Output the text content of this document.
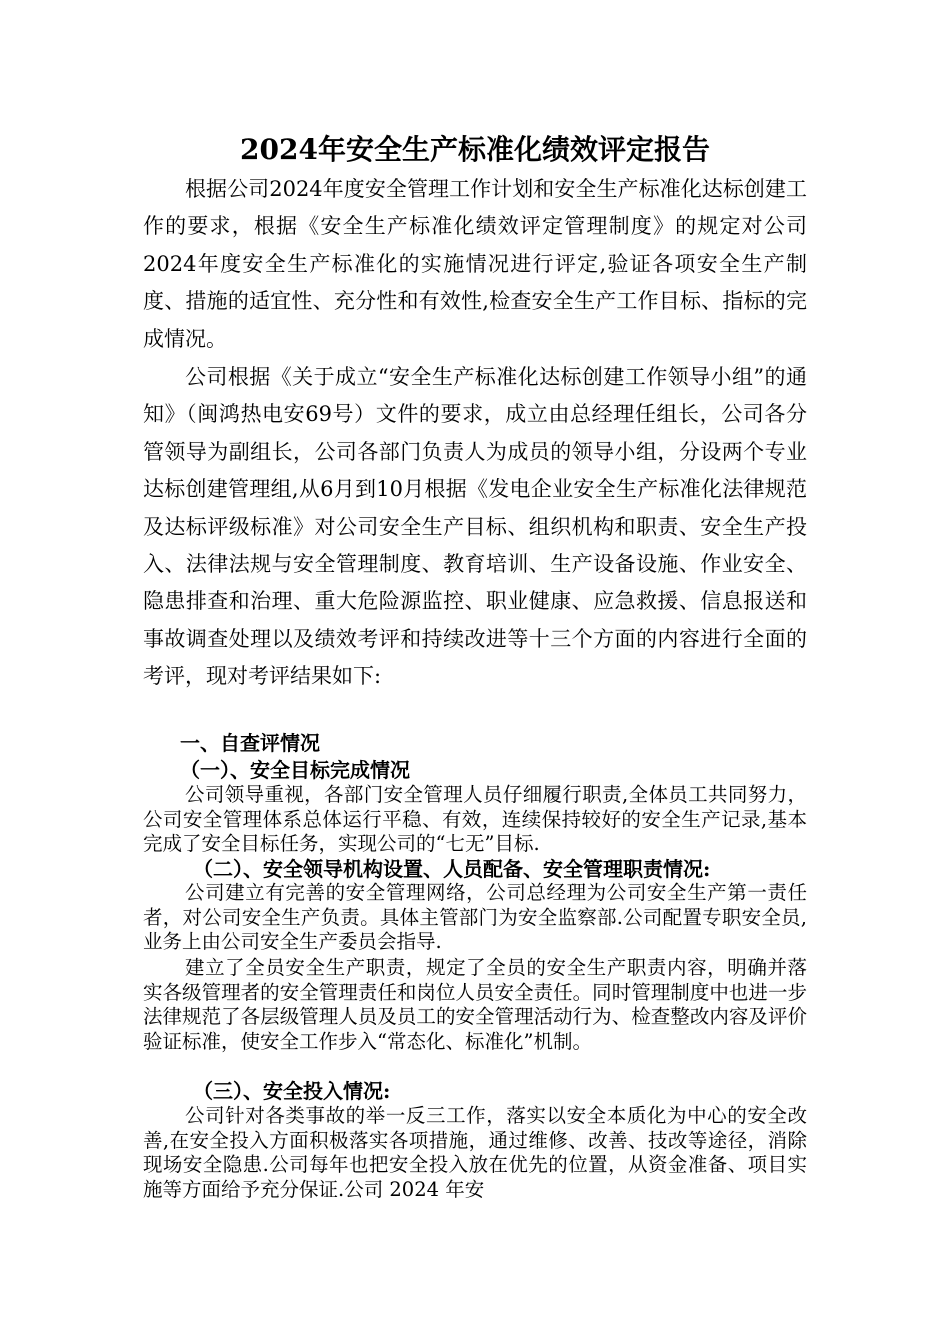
2024年安全生产标准化绩效评定报告

根据公司2024年度安全管理工作计划和安全生产标准化达标创建工作的要求，根据《安全生产标准化绩效评定管理制度》的规定对公司2024年度安全生产标准化的实施情况进行评定,验证各项安全生产制度、措施的适宜性、充分性和有效性,检查安全生产工作目标、指标的完成情况。

公司根据《关于成立“安全生产标准化达标创建工作领导小组”的通知》（闽鸿热电安69号）文件的要求，成立由总经理任组长，公司各分管领导为副组长，公司各部门负责人为成员的领导小组，分设两个专业达标创建管理组,从6月到10月根据《发电企业安全生产标准化法律规范及达标评级标准》对公司安全生产目标、组织机构和职责、安全生产投入、法律法规与安全管理制度、教育培训、生产设备设施、作业安全、隐患排查和治理、重大危险源监控、职业健康、应急救援、信息报送和事故调查处理以及绩效考评和持续改进等十三个方面的内容进行全面的考评，现对考评结果如下:

一、自查评情况
（一）、安全目标完成情况

公司领导重视，各部门安全管理人员仔细履行职责,全体员工共同努力，公司安全管理体系总体运行平稳、有效，连续保持较好的安全生产记录,基本完成了安全目标任务，实现公司的“七无”目标.

（二）、安全领导机构设置、人员配备、安全管理职责情况:

公司建立有完善的安全管理网络，公司总经理为公司安全生产第一责任者，对公司安全生产负责。具体主管部门为安全监察部.公司配置专职安全员,业务上由公司安全生产委员会指导.

建立了全员安全生产职责，规定了全员的安全生产职责内容，明确并落实各级管理者的安全管理责任和岗位人员安全责任。同时管理制度中也进一步法律规范了各层级管理人员及员工的安全管理活动行为、检查整改内容及评价验证标准，使安全工作步入“常态化、标准化”机制。

（三）、安全投入情况:

公司针对各类事故的举一反三工作，落实以安全本质化为中心的安全改善,在安全投入方面积极落实各项措施，通过维修、改善、技改等途径，消除现场安全隐患.公司每年也把安全投入放在优先的位置，从资金准备、项目实施等方面给予充分保证.公司 2024 年安
